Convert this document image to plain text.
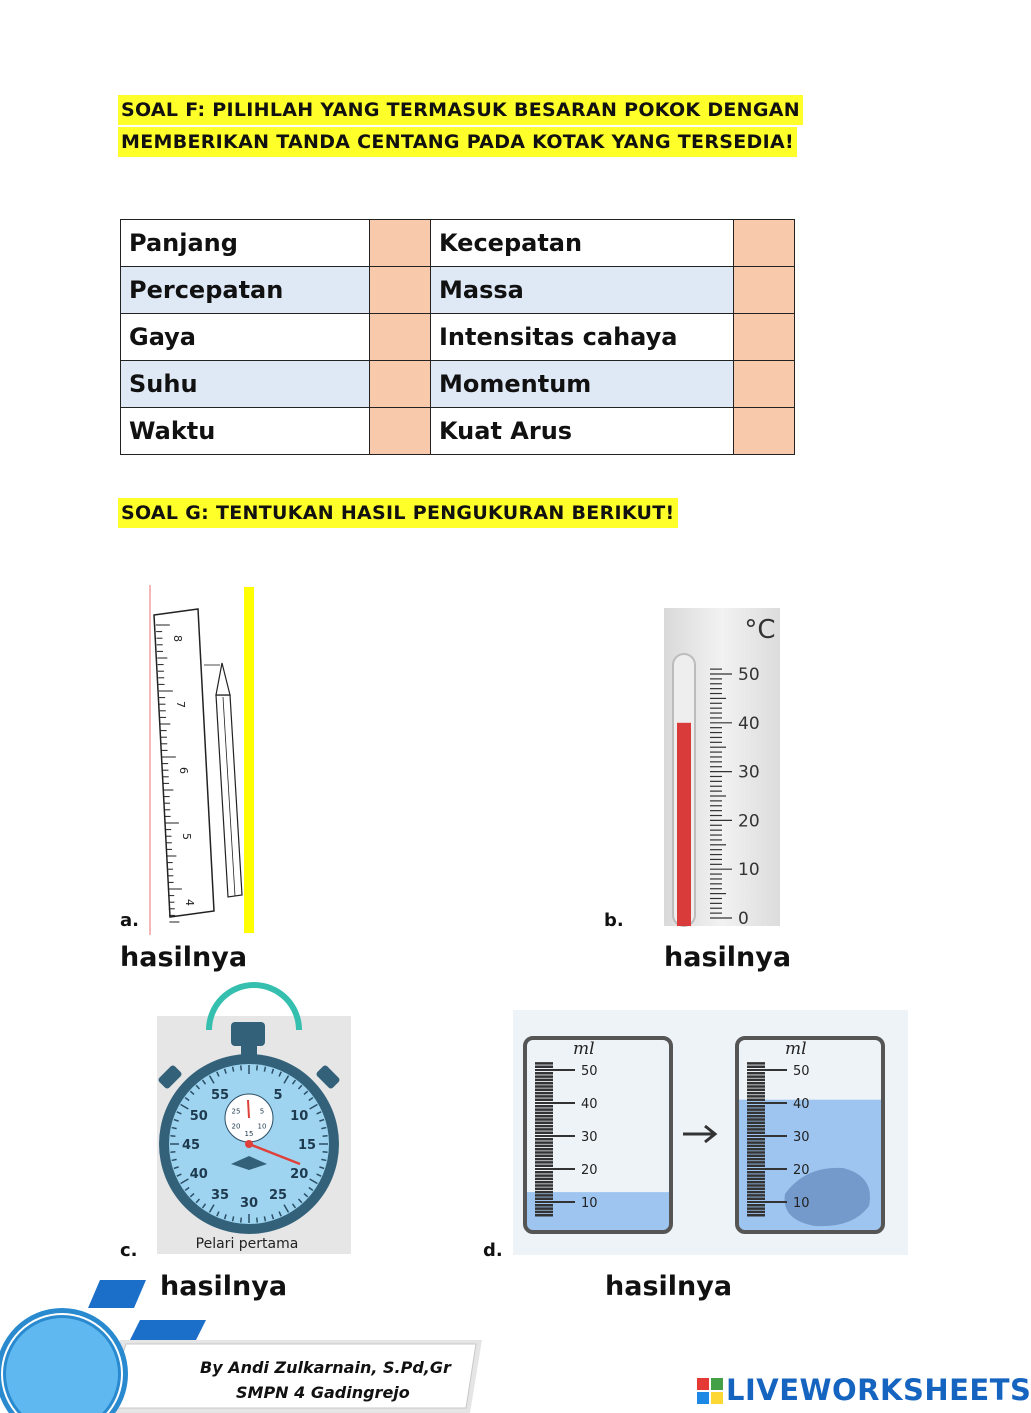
SOAL F: PILIHLAH YANG TERMASUK BESARAN POKOK DENGAN
MEMBERIKAN TANDA CENTANG PADA KOTAK YANG TERSEDIA!
Panjang		Kecepatan	
Percepatan		Massa	
Gaya		Intensitas cahaya	
Suhu		Momentum	
Waktu		Kuat Arus	
SOAL G: TENTUKAN HASIL PENGUKURAN BERIKUT!
8
7
6
5
4
a.
hasilnya
°C
50
40
30
20
10
0
b.
hasilnya
55	5
50	10
45	15
40	20
35	25
30
25	5
20 10
15
Pelari pertama
c.
hasilnya
50
40
30
20
10
50
40
30
20
10
ml	ml
d.
hasilnya
By Andi Zulkarnain, S.Pd,Gr
SMPN 4 Gadingrejo	LIVEWORKSHEETS
